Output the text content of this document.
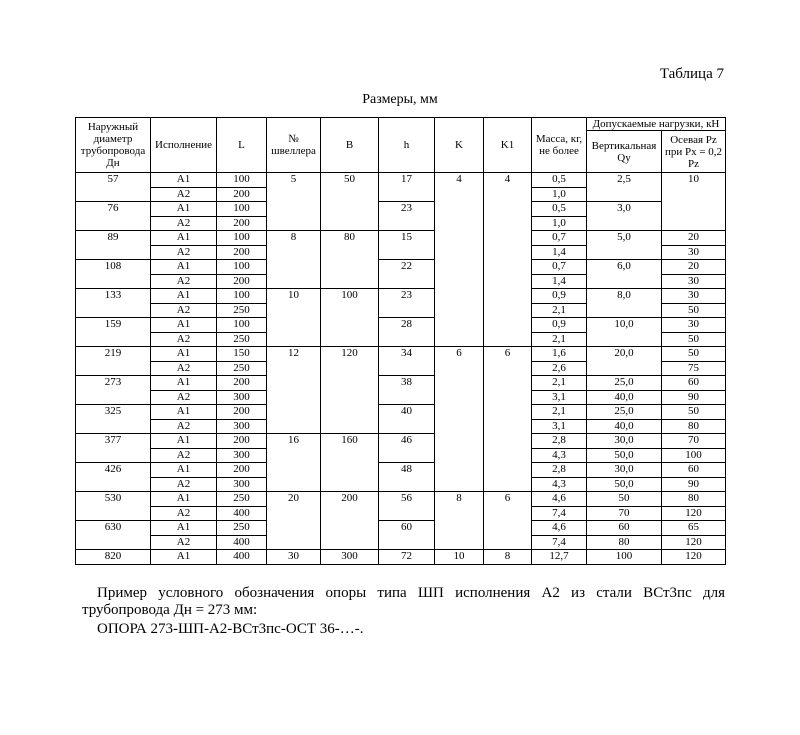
Таблица 7
Размеры, мм
Наружный диаметр трубопровода Дн	Исполнение	L	№ швеллера	B	h	K	K1	Масса, кг, не более	Допускаемые нагрузки, кН	
									Вертикальная Qу	Осевая Pz при Px = 0,2 Pz
57	А1	100	5	50	17	4	4	0,5	2,5	10
	А2	200						1,0		
76	А1	100			23			0,5	3,0	
	А2	200						1,0		
89	А1	100	8	80	15			0,7	5,0	20
	А2	200						1,4		30
108	А1	100			22			0,7	6,0	20
	А2	200						1,4		30
133	А1	100	10	100	23			0,9	8,0	30
	А2	250						2,1		50
159	А1	100			28			0,9	10,0	30
	А2	250						2,1		50
219	А1	150	12	120	34	6	6	1,6	20,0	50
	А2	250						2,6		75
273	А1	200			38			2,1	25,0	60
	А2	300						3,1	40,0	90
325	А1	200			40			2,1	25,0	50
	А2	300						3,1	40,0	80
377	А1	200	16	160	46			2,8	30,0	70
	А2	300						4,3	50,0	100
426	А1	200			48			2,8	30,0	60
	А2	300						4,3	50,0	90
530	А1	250	20	200	56	8	6	4,6	50	80
	А2	400						7,4	70	120
630	А1	250			60			4,6	60	65
	А2	400						7,4	80	120
820	А1	400	30	300	72	10	8	12,7	100	120

Пример условного обозначения опоры типа ШП исполнения А2 из стали ВСт3пс для трубопровода Дн = 273 мм:

ОПОРА 273-ШП-А2-ВСт3пс-ОСТ 36-…-.
